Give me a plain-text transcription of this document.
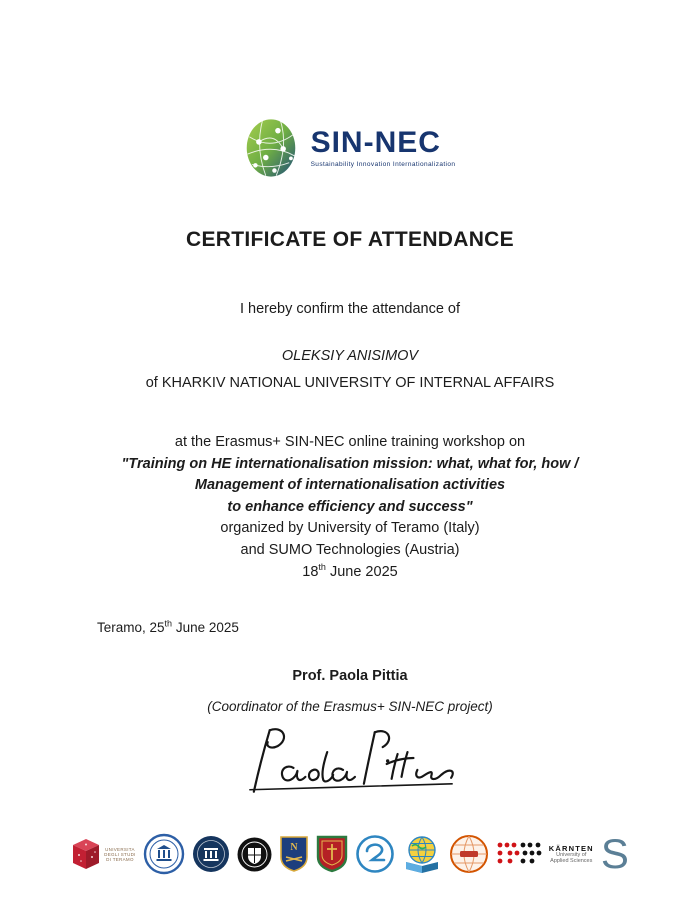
SIN-NEC
Sustainability Innovation Internationalization
CERTIFICATE OF ATTENDANCE
I hereby confirm the attendance of
OLEKSIY ANISIMOV
of KHARKIV NATIONAL UNIVERSITY OF INTERNAL AFFAIRS
at the Erasmus+ SIN-NEC online training workshop on
"Training on HE internationalisation mission: what, what for, how /
Management of internationalisation activities
to enhance efficiency and success"
organized by University of Teramo (Italy)
and SUMO Technologies (Austria)
18th June 2025
Teramo, 25th June 2025
Prof. Paola Pittia
(Coordinator of the Erasmus+ SIN-NEC project)
UNIVERSITA
DEGLI STUDI
DI TERAMO
N	KÄRNTEN
University of
Applied Sciences S
